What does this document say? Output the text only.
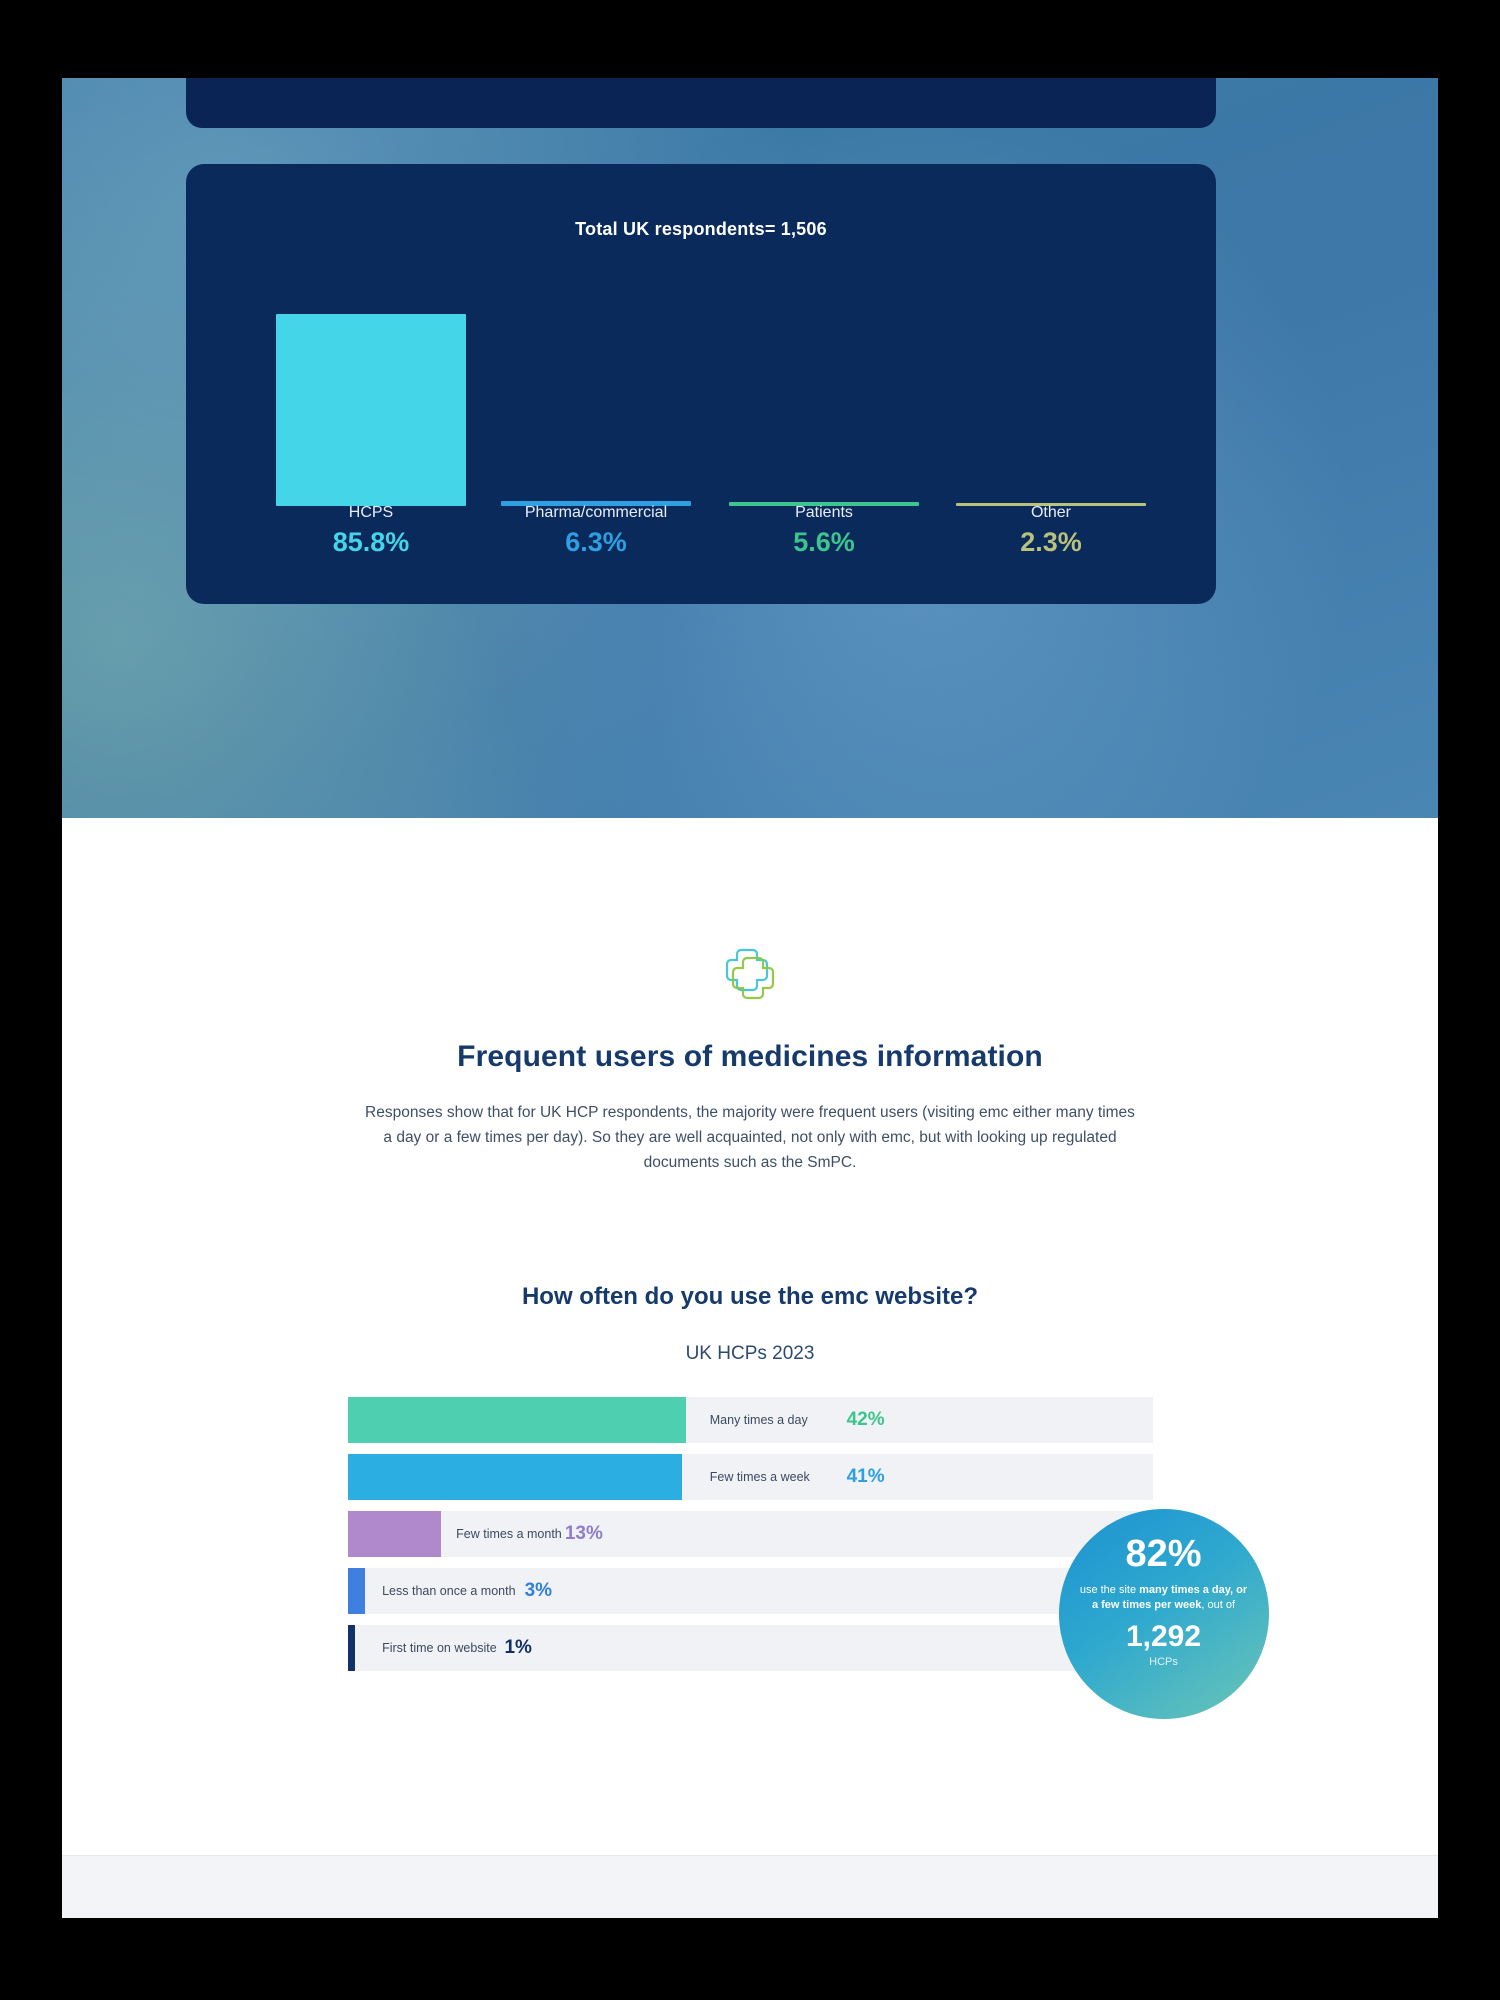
Total UK respondents= 1,506
HCPS
85.8%
Pharma/commercial
6.3%
Patients
5.6%
Other
2.3%
Frequent users of medicines information
Responses show that for UK HCP respondents, the majority were frequent users (visiting emc either many times a day or a few times per day). So they are well acquainted, not only with emc, but with looking up regulated documents such as the SmPC.
How often do you use the emc website?
UK HCPs 2023
Many times a day 42%
Few times a week 41%
Few times a month 13%
Less than once a month 3%
First time on website 1%
82%
use the site many times a day, or a few times per week, out of
1,292
HCPs
